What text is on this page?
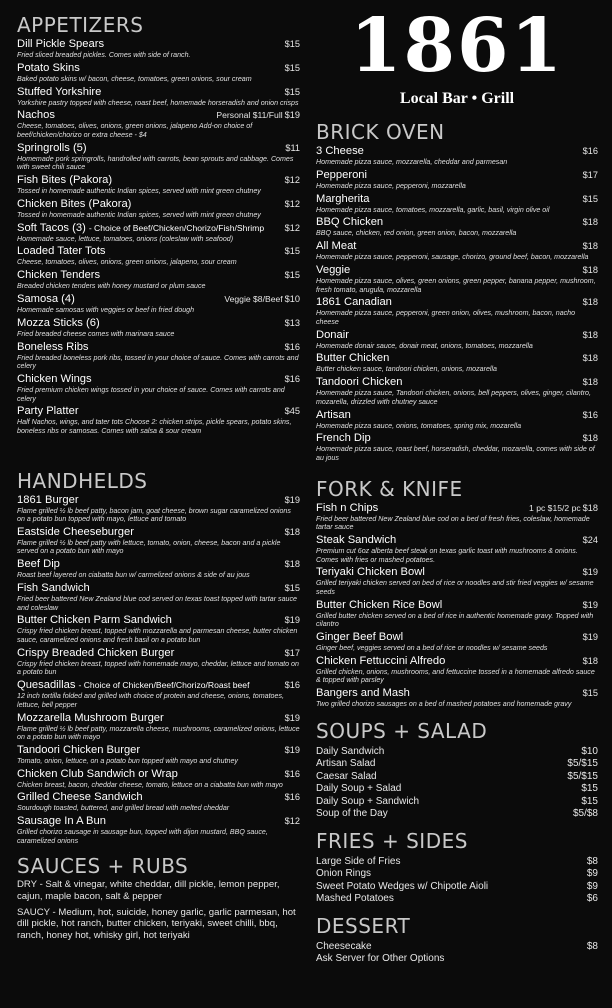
APPETIZERS
Dill Pickle Spears	$15
Fried sliced breaded pickles. Comes with side of ranch.
Potato Skins	$15
Baked potato skins w/ bacon, cheese, tomatoes, green onions, sour cream
Stuffed Yorkshire	$15
Yorkshire pastry topped with cheese, roast beef, homemade horseradish and onion crisps
Nachos	Personal $11/Full $19
Cheese, tomatoes, olives, onions, green onions, jalapeno Add-on choice of beef/chicken/chorizo or extra cheese - $4
Springrolls (5)	$11
Homemade pork springrolls, handrolled with carrots, bean sprouts and cabbage. Comes with sweet chili sauce
Fish Bites (Pakora)	$12
Tossed in homemade authentic Indian spices, served with mint green chutney
Chicken Bites (Pakora)	$12
Tossed in homemade authentic Indian spices, served with mint green chutney
Soft Tacos (3) - Choice of Beef/Chicken/Chorizo/Fish/Shrimp $12
Homemade sauce, lettuce, tomatoes, onions (coleslaw with seafood)
Loaded Tater Tots	$15
Cheese, tomatoes, olives, onions, green onions, jalapeno, sour cream
Chicken Tenders	$15
Breaded chicken tenders with honey mustard or plum sauce
Samosa (4)	Veggie $8/Beef $10
Homemade samosas with veggies or beef in fried dough
Mozza Sticks (6)	$13
Fried breaded cheese comes with marinara sauce
Boneless Ribs	$16
Fried breaded boneless pork ribs, tossed in your choice of sauce. Comes with carrots and celery
Chicken Wings	$16
Fried premium chicken wings tossed in your choice of sauce. Comes with carrots and celery
Party Platter	$45
Half Nachos, wings, and tater tots Choose 2: chicken strips, pickle spears, potato skins, boneless ribs or samosas. Comes with salsa & sour cream
HANDHELDS
1861 Burger	$19
Flame grilled ½ lb beef patty, bacon jam, goat cheese, brown sugar caramelized onions on a potato bun topped with mayo, lettuce and tomato
Eastside Cheeseburger	$18
Flame grilled ½ lb beef patty with lettuce, tomato, onion, cheese, bacon and a pickle served on a potato bun with mayo
Beef Dip	$18
Roast beef layered on ciabatta bun w/ carmelized onions & side of au jous
Fish Sandwich	$15
Fried beer battered New Zealand blue cod served on texas toast topped with tartar sauce and coleslaw
Butter Chicken Parm Sandwich	$19
Crispy fried chicken breast, topped with mozzarella and parmesan cheese, butter chicken sauce, caramelized onions and fresh basil on a potato bun
Crispy Breaded Chicken Burger	$17
Crispy fried chicken breast, topped with homemade mayo, cheddar, lettuce and tomato on a potato bun
Quesadillas - Choice of Chicken/Beef/Chorizo/Roast beef	$16
12 inch tortilla folded and grilled with choice of protein and cheese, onions, tomatoes, lettuce, bell pepper
Mozzarella Mushroom Burger	$19
Flame grilled ½ lb beef patty, mozzarella cheese, mushrooms, caramelized onions, lettuce on a potato bun with mayo
Tandoori Chicken Burger	$19
Tomato, onion, lettuce, on a potato bun topped with mayo and chutney
Chicken Club Sandwich or Wrap	$16
Chicken breast, bacon, cheddar cheese, tomato, lettuce on a ciabatta bun with mayo
Grilled Cheese Sandwich	$16
Sourdough toasted, buttered, and grilled bread with melted cheddar
Sausage In A Bun	$12
Grilled chorizo sausage in sausage bun, topped with dijon mustard, BBQ sauce, caramelized onions
SAUCES + RUBS
DRY - Salt & vinegar, white cheddar, dill pickle, lemon pepper, cajun, maple bacon, salt & pepper
SAUCY - Medium, hot, suicide, honey garlic, garlic parmesan, hot dill pickle, hot ranch, butter chicken, teriyaki, sweet chilli, bbq, ranch, honey hot, whisky girl, hot teriyaki
1861
Local Bar • Grill
BRICK OVEN
3 Cheese	$16
Homemade pizza sauce, mozzarella, cheddar and parmesan
Pepperoni	$17
Homemade pizza sauce, pepperoni, mozzarella
Margherita	$15
Homemade pizza sauce, tomatoes, mozzarella, garlic, basil, virgin olive oil
BBQ Chicken	$18
BBQ sauce, chicken, red onion, green onion, bacon, mozzarella
All Meat	$18
Homemade pizza sauce, pepperoni, sausage, chorizo, ground beef, bacon, mozzarella
Veggie	$18
Homemade pizza sauce, olives, green onions, green pepper, banana pepper, mushroom, fresh tomato, arugula, mozzarella
1861 Canadian	$18
Homemade pizza sauce, pepperoni, green onion, olives, mushroom, bacon, nacho cheese
Donair	$18
Homemade donair sauce, donair meat, onions, tomatoes, mozzarella
Butter Chicken	$18
Butter chicken sauce, tandoori chicken, onions, mozarella
Tandoori Chicken	$18
Homemade pizza sauce, Tandoori chicken, onions, bell peppers, olives, ginger, cilantro, mozarella, drizzled with chutney sauce
Artisan	$16
Homemade pizza sauce, onions, tomatoes, spring mix, mozarella
French Dip	$18
Homemade pizza sauce, roast beef, horseradish, cheddar, mozarella, comes with side of au jous
FORK & KNIFE
Fish n Chips	1 pc $15/2 pc $18
Fried beer battered New Zealand blue cod on a bed of fresh fries, coleslaw, homemade tartar sauce
Steak Sandwich	$24
Premium cut 6oz alberta beef steak on texas garlic toast with mushrooms & onions. Comes with fries or mashed potatoes.
Teriyaki Chicken Bowl	$19
Grilled teriyaki chicken served on bed of rice or noodles and stir fried veggies w/ sesame seeds
Butter Chicken Rice Bowl	$19
Grilled butter chicken served on a bed of rice in authentic homemade gravy. Topped with cilantro
Ginger Beef Bowl	$19
Ginger beef, veggies served on a bed of rice or noodles w/ sesame seeds
Chicken Fettuccini Alfredo	$18
Grilled chicken, onions, mushrooms, and fettuccine tossed in a homemade alfredo sauce & topped with parsley
Bangers and Mash	$15
Two grilled chorizo sausages on a bed of mashed potatoes and homemade gravy
SOUPS + SALAD
Daily Sandwich	$10
Artisan Salad	$5/$15
Caesar Salad	$5/$15
Daily Soup + Salad	$15
Daily Soup + Sandwich	$15
Soup of the Day	$5/$8
FRIES + SIDES
Large Side of Fries	$8
Onion Rings	$9
Sweet Potato Wedges w/ Chipotle Aioli	$9
Mashed Potatoes	$6
DESSERT
Cheesecake	$8
Ask Server for Other Options
